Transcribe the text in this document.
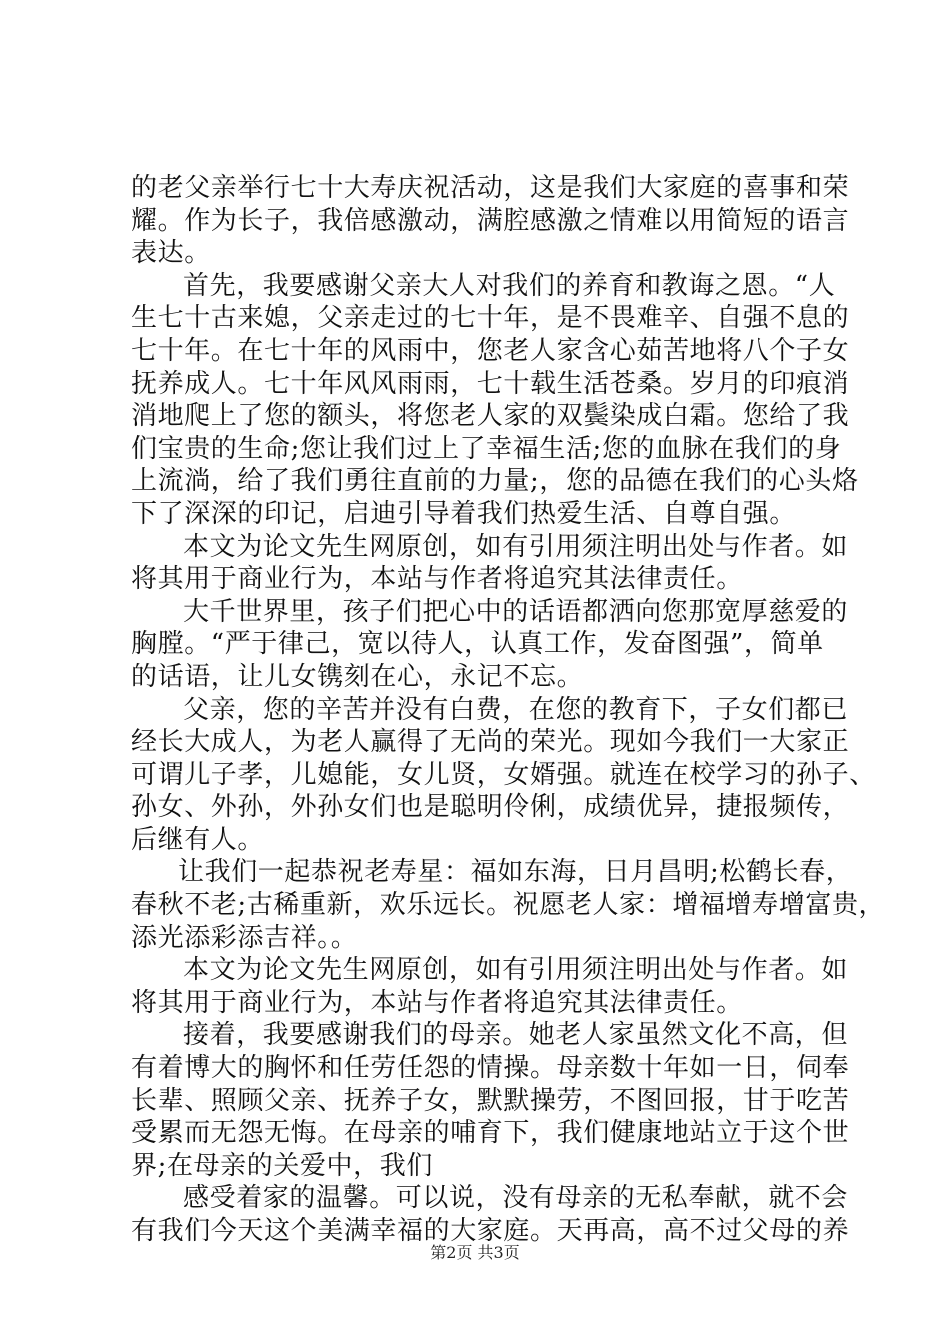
的老父亲举行七十大寿庆祝活动，这是我们大家庭的喜事和荣
耀。作为长子，我倍感激动，满腔感激之情难以用简短的语言
表达。
首先，我要感谢父亲大人对我们的养育和教诲之恩。“人
生七十古来媳，父亲走过的七十年，是不畏难辛、自强不息的
七十年。在七十年的风雨中，您老人家含心茹苦地将八个子女
抚养成人。七十年风风雨雨，七十载生活苍桑。岁月的印痕消
消地爬上了您的额头，将您老人家的双鬓染成白霜。您给了我
们宝贵的生命;您让我们过上了幸福生活;您的血脉在我们的身
上流淌，给了我们勇往直前的力量;，您的品德在我们的心头烙
下了深深的印记，启迪引导着我们热爱生活、自尊自强。
本文为论文先生网原创，如有引用须注明出处与作者。如
将其用于商业行为，本站与作者将追究其法律责任。
大千世界里，孩子们把心中的话语都洒向您那宽厚慈爱的
胸膛。“严于律己，宽以待人，认真工作，发奋图强”，简单
的话语，让儿女镌刻在心，永记不忘。
父亲，您的辛苦并没有白费，在您的教育下，子女们都已
经长大成人，为老人赢得了无尚的荣光。现如今我们一大家正
可谓儿子孝，儿媳能，女儿贤，女婿强。就连在校学习的孙子、
孙女、外孙，外孙女们也是聪明伶俐，成绩优异，捷报频传，
后继有人。
让我们一起恭祝老寿星：福如东海，日月昌明;松鹤长春，
春秋不老;古稀重新，欢乐远长。祝愿老人家：增福增寿增富贵，
添光添彩添吉祥。。
本文为论文先生网原创，如有引用须注明出处与作者。如
将其用于商业行为，本站与作者将追究其法律责任。
接着，我要感谢我们的母亲。她老人家虽然文化不高，但
有着博大的胸怀和任劳任怨的情操。母亲数十年如一日，伺奉
长辈、照顾父亲、抚养子女，默默操劳，不图回报，甘于吃苦
受累而无怨无悔。在母亲的哺育下，我们健康地站立于这个世
界;在母亲的关爱中，我们
感受着家的温馨。可以说，没有母亲的无私奉献，就不会
有我们今天这个美满幸福的大家庭。天再高，高不过父母的养
第2页 共3页
